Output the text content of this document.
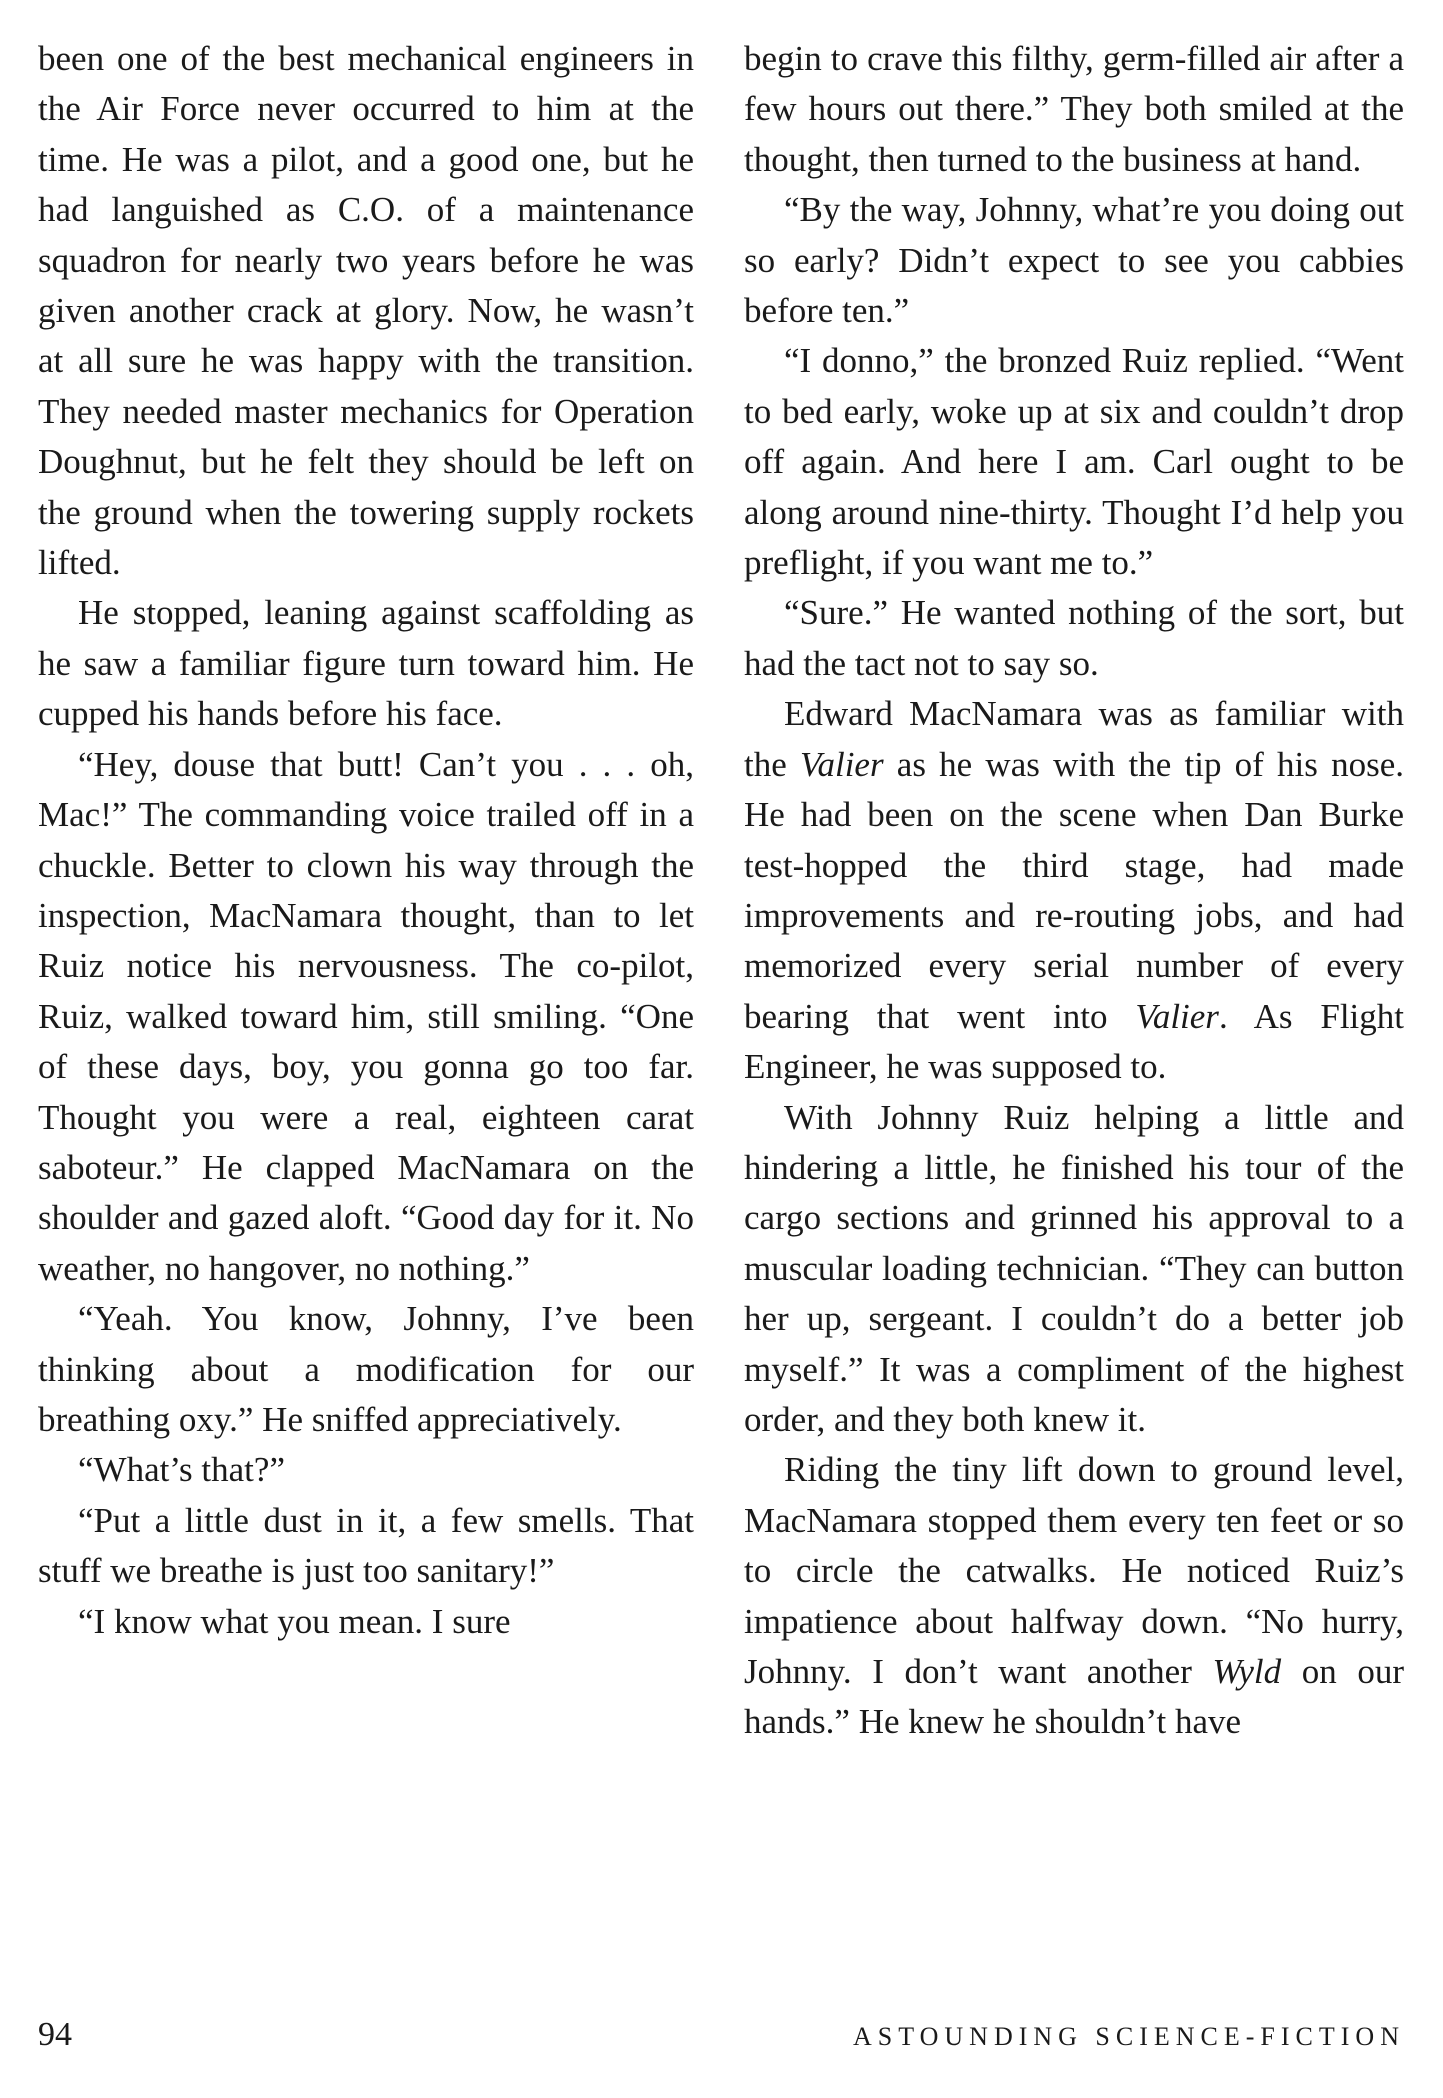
been one of the best mechanical engineers in the Air Force never occurred to him at the time. He was a pilot, and a good one, but he had languished as C.O. of a maintenance squadron for nearly two years before he was given another crack at glory. Now, he wasn’t at all sure he was happy with the transition. They needed master mechanics for Operation Doughnut, but he felt they should be left on the ground when the towering supply rockets lifted.

He stopped, leaning against scaffolding as he saw a familiar figure turn toward him. He cupped his hands before his face.

“Hey, douse that butt! Can’t you . . . oh, Mac!” The commanding voice trailed off in a chuckle. Better to clown his way through the inspection, MacNamara thought, than to let Ruiz notice his nervousness. The co-pilot, Ruiz, walked toward him, still smiling. “One of these days, boy, you gonna go too far. Thought you were a real, eighteen carat saboteur.” He clapped MacNamara on the shoulder and gazed aloft. “Good day for it. No weather, no hangover, no nothing.”

“Yeah. You know, Johnny, I’ve been thinking about a modification for our breathing oxy.” He sniffed appreciatively.

“What’s that?”

“Put a little dust in it, a few smells. That stuff we breathe is just too sanitary!”

“I know what you mean. I sure

begin to crave this filthy, germ-filled air after a few hours out there.” They both smiled at the thought, then turned to the business at hand.

“By the way, Johnny, what’re you doing out so early? Didn’t expect to see you cabbies before ten.”

“I donno,” the bronzed Ruiz replied. “Went to bed early, woke up at six and couldn’t drop off again. And here I am. Carl ought to be along around nine-thirty. Thought I’d help you preflight, if you want me to.”

“Sure.” He wanted nothing of the sort, but had the tact not to say so.

Edward MacNamara was as familiar with the Valier as he was with the tip of his nose. He had been on the scene when Dan Burke test-hopped the third stage, had made improvements and re-routing jobs, and had memorized every serial number of every bearing that went into Valier. As Flight Engineer, he was supposed to.

With Johnny Ruiz helping a little and hindering a little, he finished his tour of the cargo sections and grinned his approval to a muscular loading technician. “They can button her up, sergeant. I couldn’t do a better job myself.” It was a compliment of the highest order, and they both knew it.

Riding the tiny lift down to ground level, MacNamara stopped them every ten feet or so to circle the catwalks. He noticed Ruiz’s impatience about halfway down. “No hurry, Johnny. I don’t want another Wyld on our hands.” He knew he shouldn’t have

94	ASTOUNDING SCIENCE-FICTION
